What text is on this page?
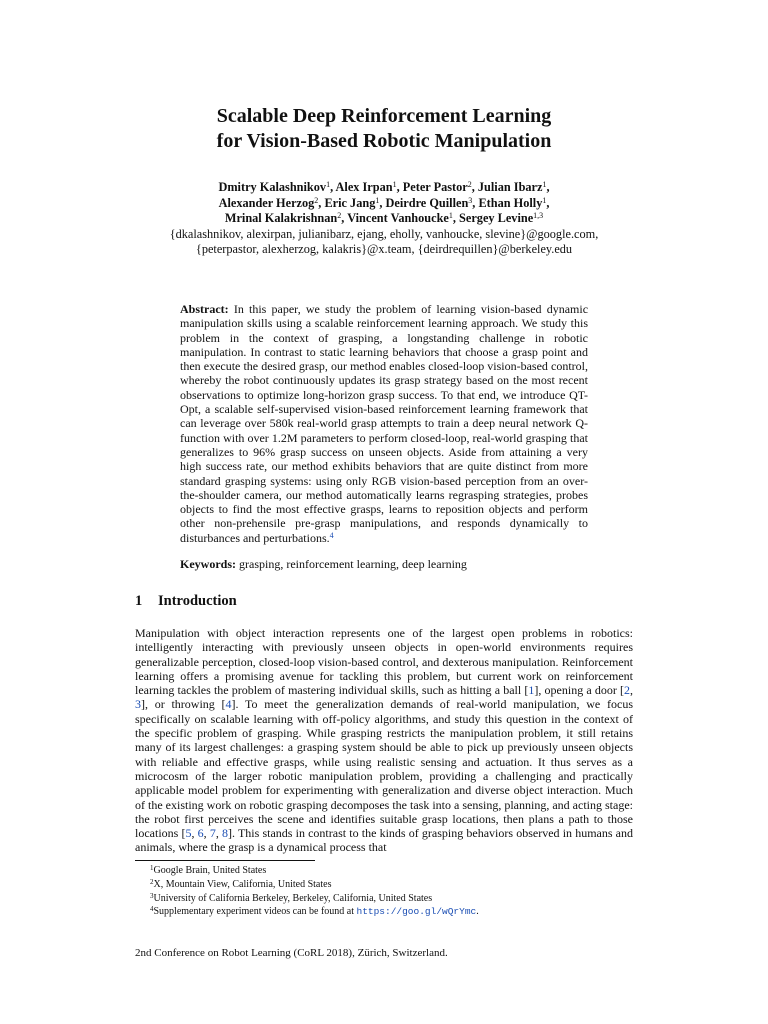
Scalable Deep Reinforcement Learning
for Vision-Based Robotic Manipulation
Dmitry Kalashnikov$^1$, Alex Irpan$^1$, Peter Pastor$^2$, Julian Ibarz$^1$,
Alexander Herzog$^2$, Eric Jang$^1$, Deirdre Quillen$^3$, Ethan Holly$^1$,
Mrinal Kalakrishnan$^2$, Vincent Vanhoucke$^1$, Sergey Levine$^{1,3}$
{dkalashnikov, alexirpan, julianibarz, ejang, eholly, vanhoucke, slevine}@google.com,
{peterpastor, alexherzog, kalakris}@x.team, {deirdrequillen}@berkeley.edu
Abstract: In this paper, we study the problem of learning vision-based dynamic manipulation skills using a scalable reinforcement learning approach. We study this problem in the context of grasping, a longstanding challenge in robotic manipulation. In contrast to static learning behaviors that choose a grasp point and then execute the desired grasp, our method enables closed-loop vision-based control, whereby the robot continuously updates its grasp strategy based on the most recent observations to optimize long-horizon grasp success. To that end, we introduce QT-Opt, a scalable self-supervised vision-based reinforcement learning framework that can leverage over 580k real-world grasp attempts to train a deep neural network Q-function with over 1.2M parameters to perform closed-loop, real-world grasping that generalizes to 96% grasp success on unseen objects. Aside from attaining a very high success rate, our method exhibits behaviors that are quite distinct from more standard grasping systems: using only RGB vision-based perception from an over-the-shoulder camera, our method automatically learns regrasping strategies, probes objects to find the most effective grasps, learns to reposition objects and perform other non-prehensile pre-grasp manipulations, and responds dynamically to disturbances and perturbations.$^4$
Keywords: grasping, reinforcement learning, deep learning
1 Introduction
Manipulation with object interaction represents one of the largest open problems in robotics: intelligently interacting with previously unseen objects in open-world environments requires generalizable perception, closed-loop vision-based control, and dexterous manipulation. Reinforcement learning offers a promising avenue for tackling this problem, but current work on reinforcement learning tackles the problem of mastering individual skills, such as hitting a ball [1], opening a door [2, 3], or throwing [4]. To meet the generalization demands of real-world manipulation, we focus specifically on scalable learning with off-policy algorithms, and study this question in the context of the specific problem of grasping. While grasping restricts the manipulation problem, it still retains many of its largest challenges: a grasping system should be able to pick up previously unseen objects with reliable and effective grasps, while using realistic sensing and actuation. It thus serves as a microcosm of the larger robotic manipulation problem, providing a challenging and practically applicable model problem for experimenting with generalization and diverse object interaction. Much of the existing work on robotic grasping decomposes the task into a sensing, planning, and acting stage: the robot first perceives the scene and identifies suitable grasp locations, then plans a path to those locations [5, 6, 7, 8]. This stands in contrast to the kinds of grasping behaviors observed in humans and animals, where the grasp is a dynamical process that
$^1$Google Brain, United States
$^2$X, Mountain View, California, United States
$^3$University of California Berkeley, Berkeley, California, United States
$^4$Supplementary experiment videos can be found at https://goo.gl/wQrYmc.
2nd Conference on Robot Learning (CoRL 2018), Zürich, Switzerland.
